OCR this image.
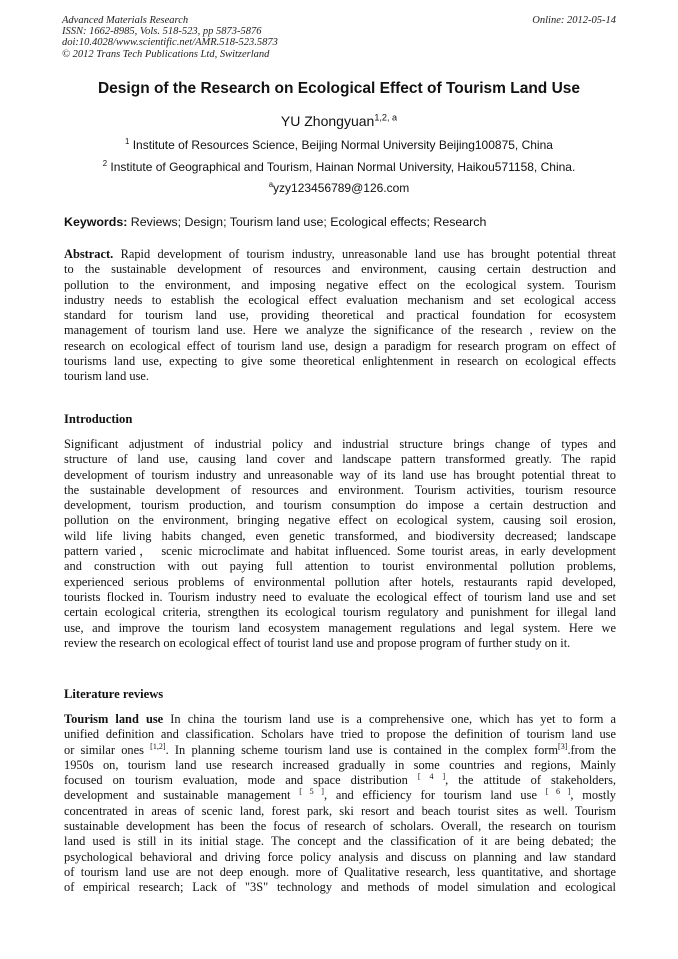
Advanced Materials Research
ISSN: 1662-8985, Vols. 518-523, pp 5873-5876
doi:10.4028/www.scientific.net/AMR.518-523.5873
© 2012 Trans Tech Publications Ltd, Switzerland
Online: 2012-05-14
Design of the Research on Ecological Effect of Tourism Land Use
YU Zhongyuan$^{1,2, a}$
$^1$ Institute of Resources Science, Beijing Normal University Beijing100875, China
$^2$ Institute of Geographical and Tourism, Hainan Normal University, Haikou571158, China.
$^a$yzy123456789@126.com
Keywords: Reviews; Design; Tourism land use; Ecological effects; Research
Abstract. Rapid development of tourism industry, unreasonable land use has brought potential threat
to the sustainable development of resources and environment, causing certain destruction and
pollution to the environment, and imposing negative effect on the ecological system. Tourism
industry needs to establish the ecological effect evaluation mechanism and set ecological access
standard for tourism land use, providing theoretical and practical foundation for ecosystem
management of tourism land use. Here we analyze the significance of the research , review on the
research on ecological effect of tourism land use, design a paradigm for research program on effect of
tourisms land use, expecting to give some theoretical enlightenment in research on ecological effects
tourism land use.
Introduction
Significant adjustment of industrial policy and industrial structure brings change of types and
structure of land use, causing land cover and landscape pattern transformed greatly. The rapid
development of tourism industry and unreasonable way of its land use has brought potential threat to
the sustainable development of resources and environment. Tourism activities, tourism resource
development, tourism production, and tourism consumption do impose a certain destruction and
pollution on the environment, bringing negative effect on ecological system, causing soil erosion,
wild life living habits changed, even genetic transformed, and biodiversity decreased; landscape
pattern varied， scenic microclimate and habitat influenced. Some tourist areas, in early development
and construction with out paying full attention to tourist environmental pollution problems,
experienced serious problems of environmental pollution after hotels, restaurants rapid developed,
tourists flocked in. Tourism industry need to evaluate the ecological effect of tourism land use and set
certain ecological criteria, strengthen its ecological tourism regulatory and punishment for illegal land
use, and improve the tourism land ecosystem management regulations and legal system. Here we
review the research on ecological effect of tourist land use and propose program of further study on it.
Literature reviews
Tourism land use In china the tourism land use is a comprehensive one, which has yet to form a
unified definition and classification. Scholars have tried to propose the definition of tourism land use
or similar ones [1,2]. In planning scheme tourism land use is contained in the complex form[3].from the
1950s on, tourism land use research increased gradually in some countries and regions, Mainly
focused on tourism evaluation, mode and space distribution [ 4 ], the attitude of stakeholders,
development and sustainable management [ 5 ], and efficiency for tourism land use [ 6 ], mostly
concentrated in areas of scenic land, forest park, ski resort and beach tourist sites as well. Tourism
sustainable development has been the focus of research of scholars. Overall, the research on tourism
land used is still in its initial stage. The concept and the classification of it are being debated; the
psychological behavioral and driving force policy analysis and discuss on planning and law standard
of tourism land use are not deep enough. more of Qualitative research, less quantitative, and shortage
of empirical research; Lack of "3S" technology and methods of model simulation and ecological
